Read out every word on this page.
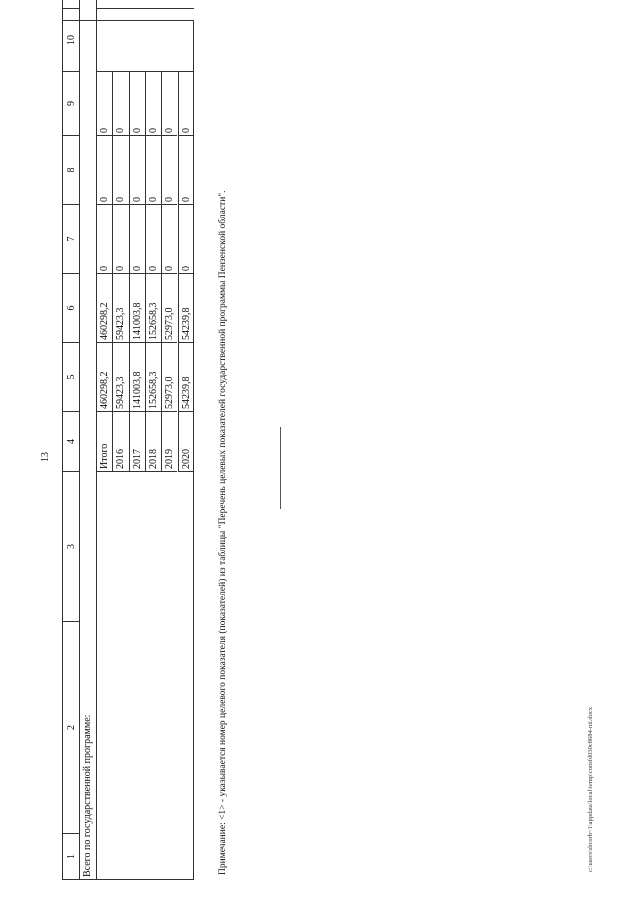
13
1
2
3
4
5
6
7
8
9
10
Всего по государственной программе:
Итого
460298,2
460298,2
0
0
0
2016
59423,3
59423,3
0
0
0
2017
141003,8
141003,8
0
0
0
2018
152658,3
152658,3
0
0
0
2019
52973,0
52973,0
0
0
0
2020
54239,8
54239,8
0
0
0
Примечание: <1> - указывается номер целевого показателя (показателей) из таблицы "Перечень целевых показателей государственной программы Пензенской области".	c:\users\shcorb~1\appdata\local\temp\consfd030c8684-nii.docx
